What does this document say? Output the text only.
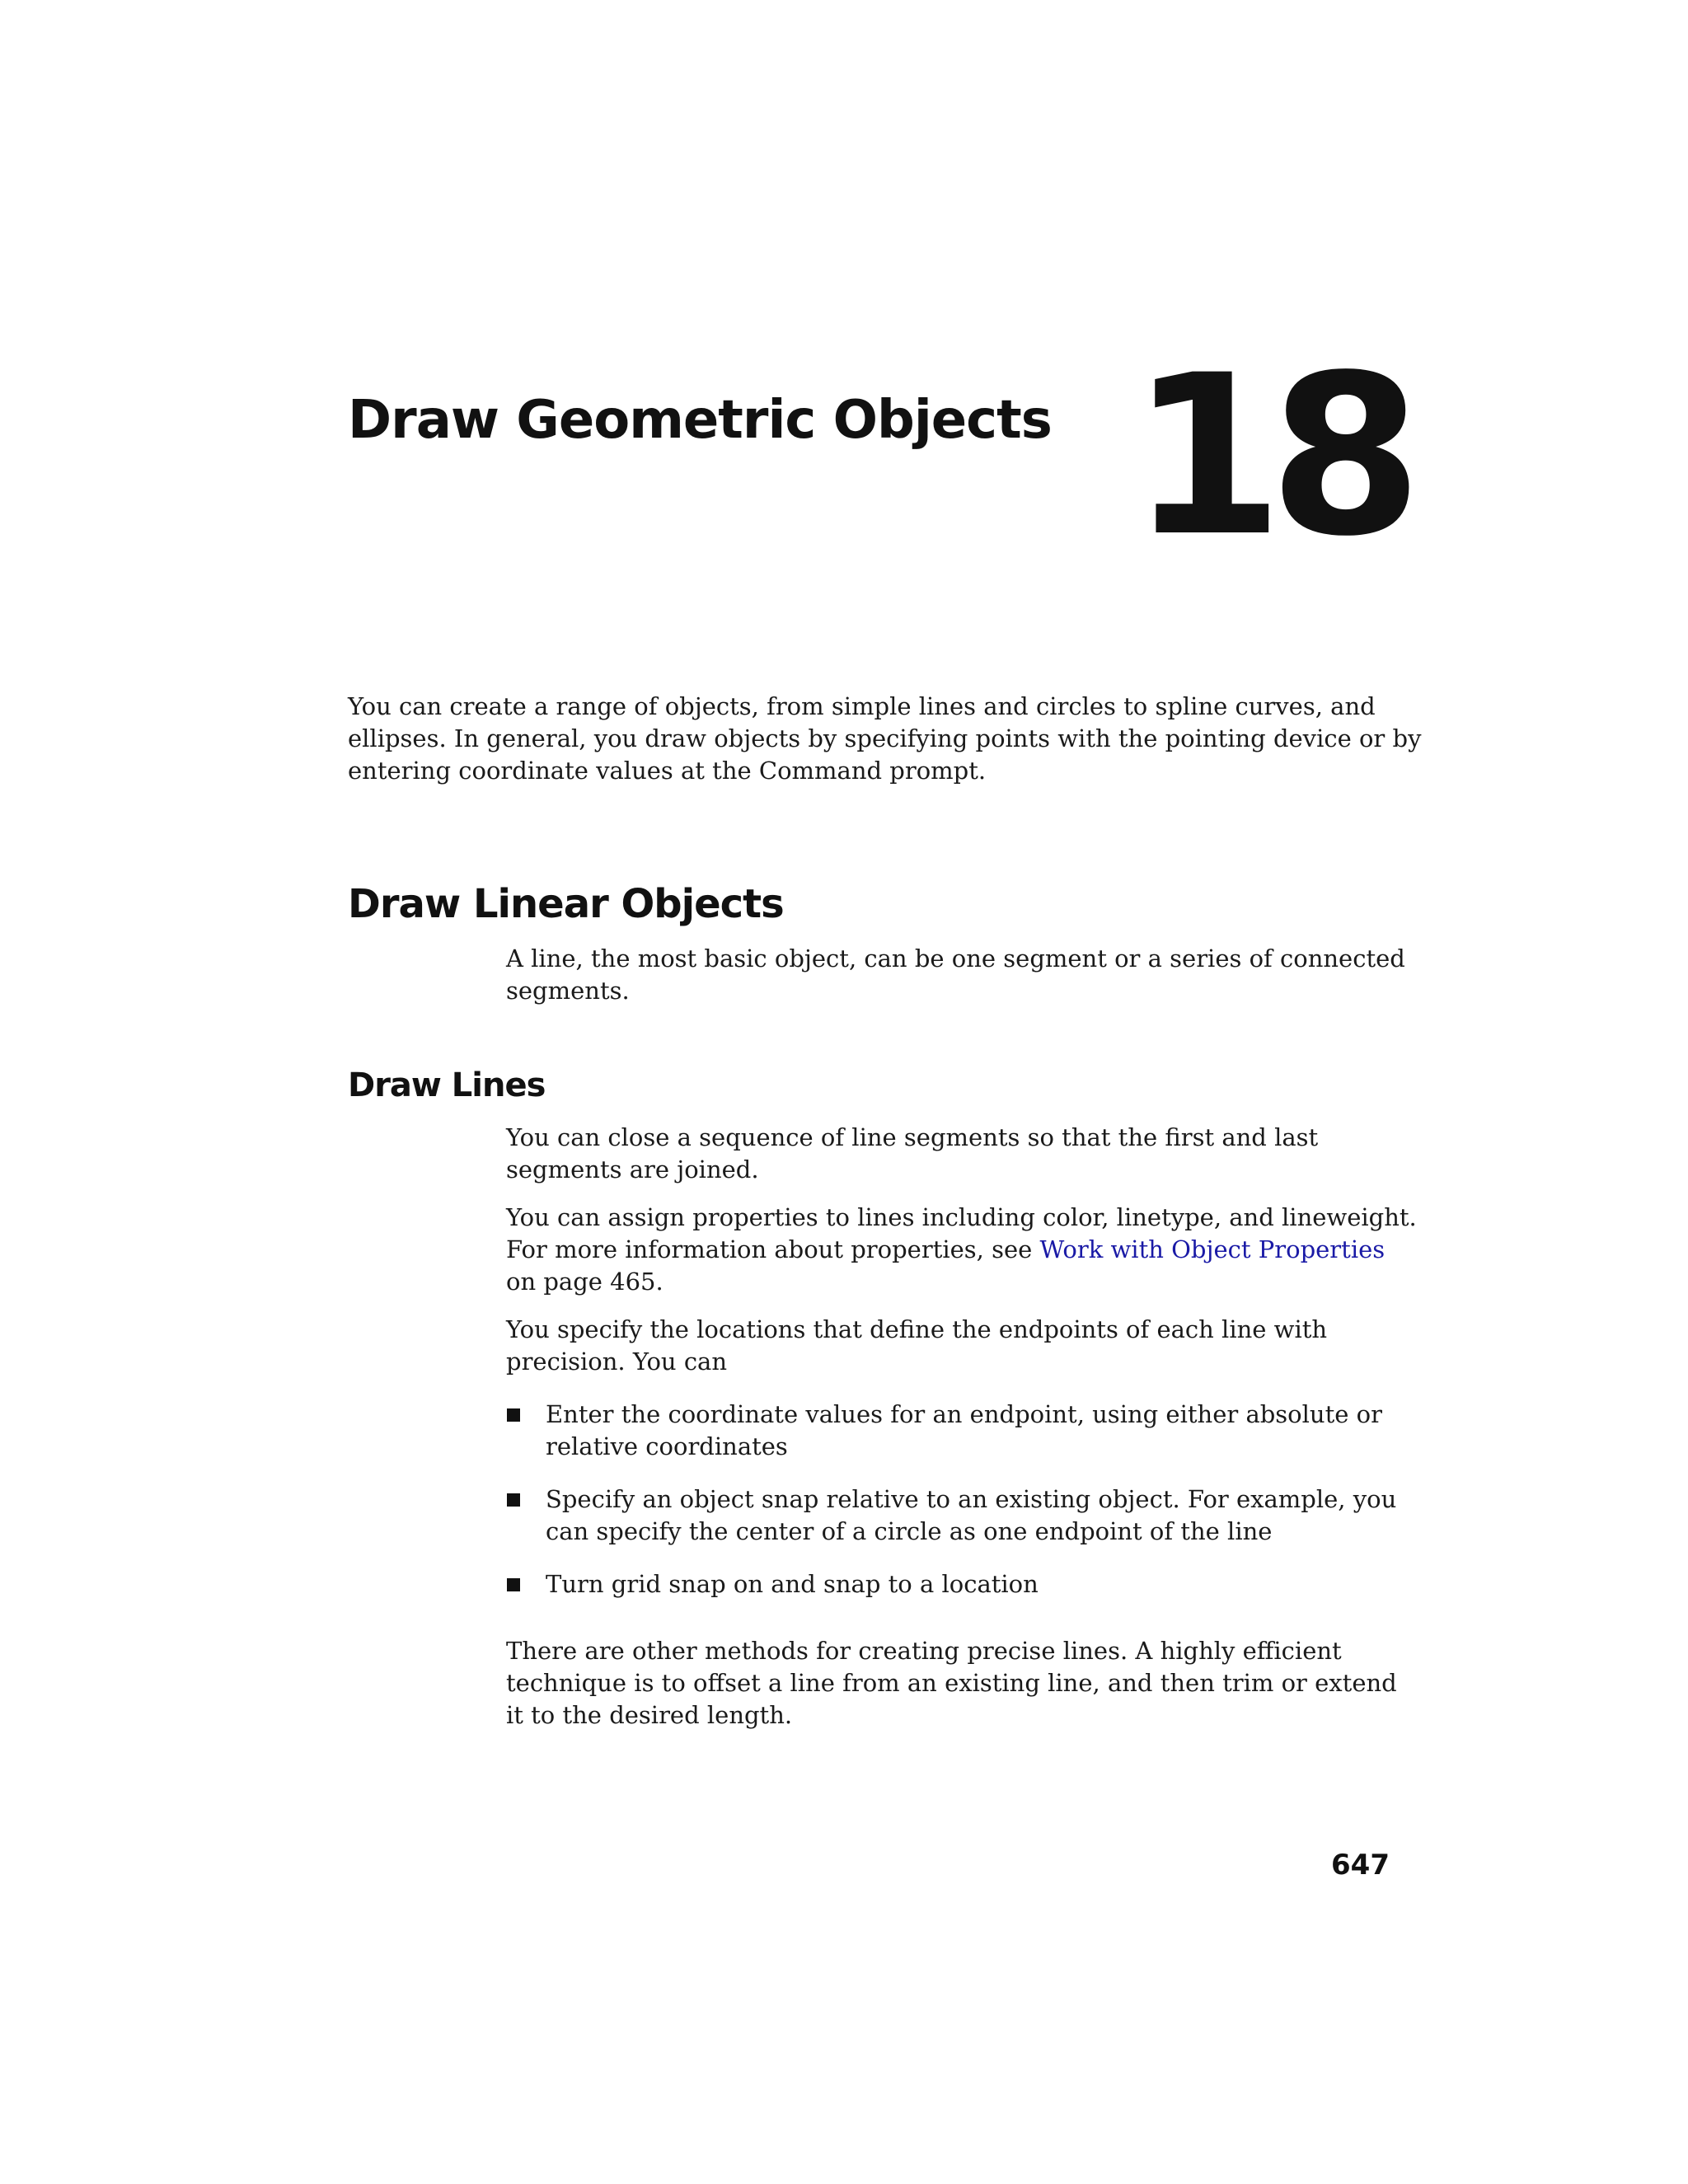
Draw Geometric Objects 18

You can create a range of objects, from simple lines and circles to spline curves, and ellipses. In general, you draw objects by specifying points with the pointing device or by entering coordinate values at the Command prompt.

Draw Linear Objects

A line, the most basic object, can be one segment or a series of connected segments.

Draw Lines

You can close a sequence of line segments so that the first and last segments are joined.

You can assign properties to lines including color, linetype, and lineweight. For more information about properties, see Work with Object Properties on page 465.

You specify the locations that define the endpoints of each line with precision. You can

Enter the coordinate values for an endpoint, using either absolute or relative coordinates
Specify an object snap relative to an existing object. For example, you can specify the center of a circle as one endpoint of the line
Turn grid snap on and snap to a location

There are other methods for creating precise lines. A highly efficient technique is to offset a line from an existing line, and then trim or extend it to the desired length.

647
